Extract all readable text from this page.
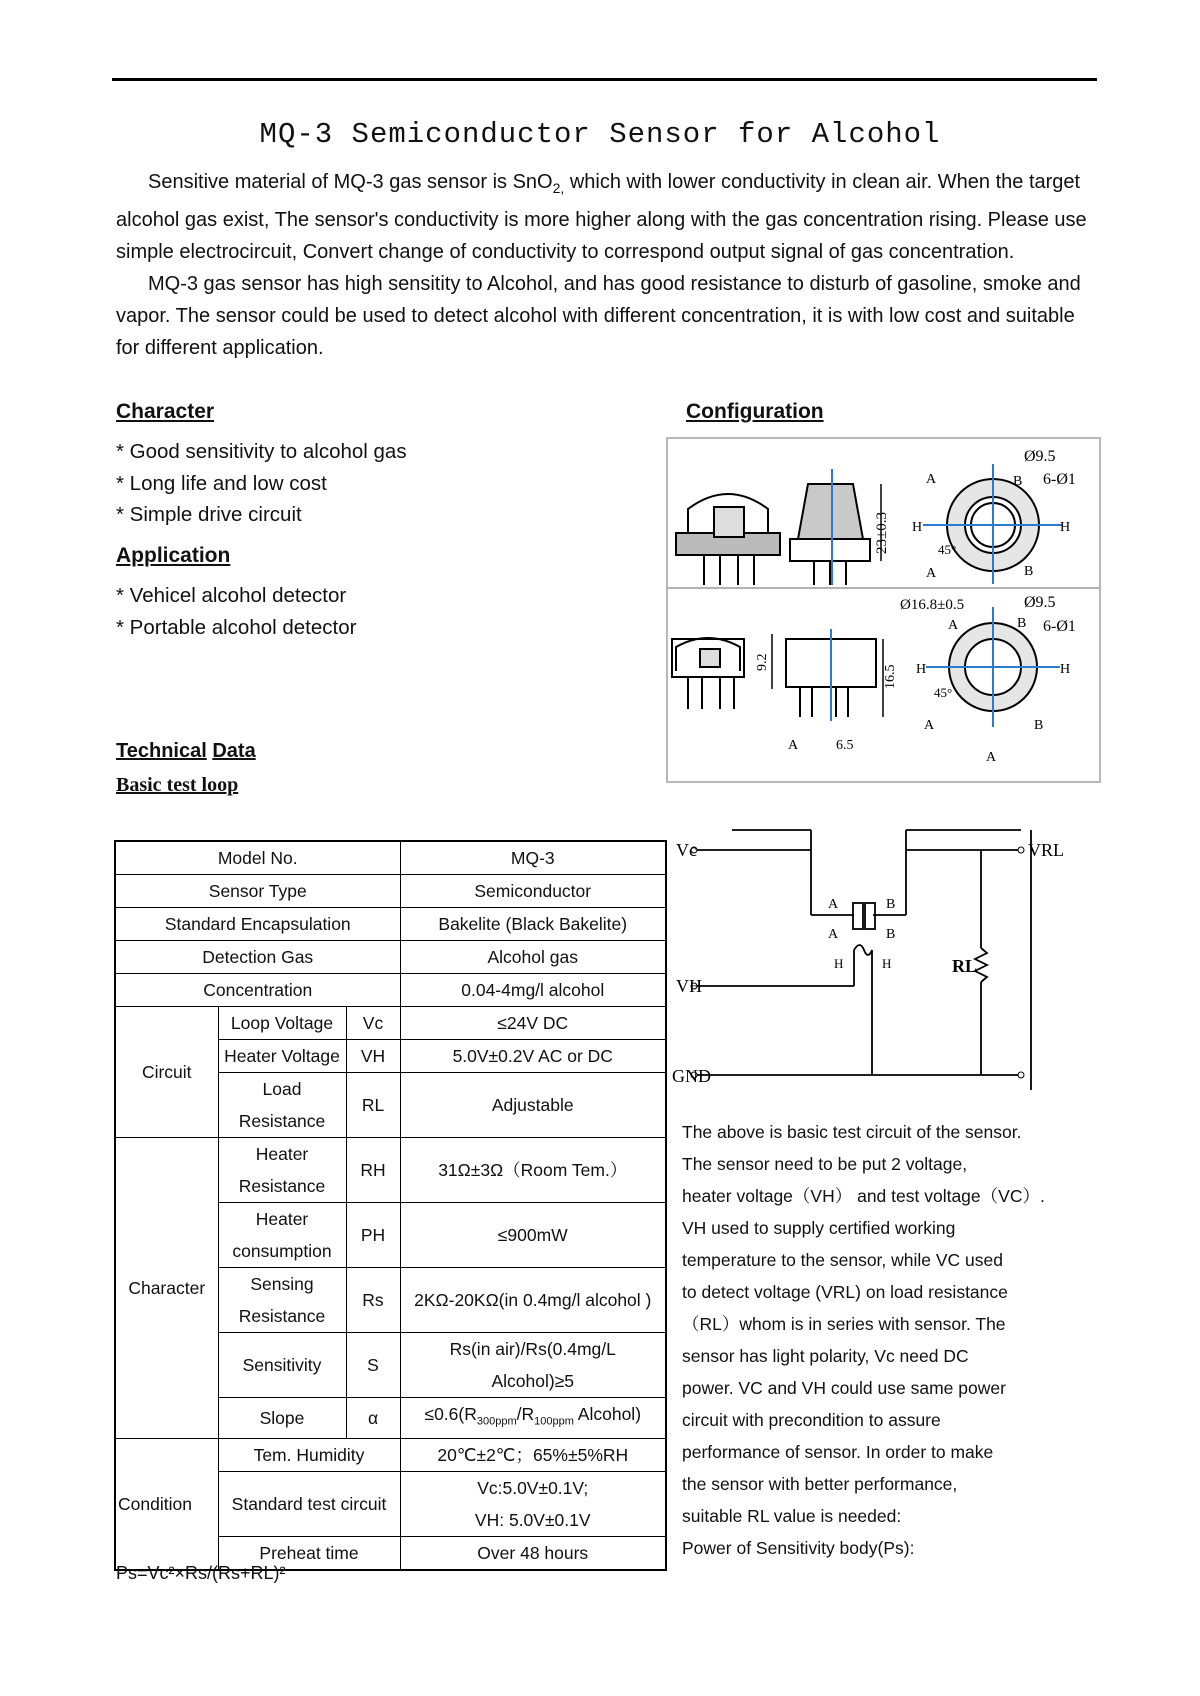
MQ-3 Semiconductor Sensor for Alcohol

Sensitive material of MQ-3 gas sensor is SnO$_{2,}$ which with lower conductivity in clean air. When the target alcohol gas exist, The sensor's conductivity is more higher along with the gas concentration rising. Please use simple electrocircuit, Convert change of conductivity to correspond output signal of gas concentration.

MQ-3 gas sensor has high sensitity to Alcohol, and has good resistance to disturb of gasoline, smoke and vapor. The sensor could be used to detect alcohol with different concentration, it is with low cost and suitable for different application.

Character
* Good sensitivity to alcohol gas
* Long life and low cost
* Simple drive circuit
Application
* Vehicel alcohol detector
* Portable alcohol detector
Configuration
23±0.3
Ø9.5
6-Ø1
A	B
H	H
45°
A	B
9.2
16.5
A	6.5
Ø16.8±0.5	Ø9.5
6-Ø1
A	B
H	H
45°
A	B
A
Technical Data
Basic test loop
Model No.			MQ-3
Sensor Type			Semiconductor
Standard Encapsulation			Bakelite (Black Bakelite)
Detection Gas			Alcohol gas
Concentration			0.04-4mg/l alcohol
Circuit	Loop Voltage	Vc	≤24V DC
	Heater Voltage	VH	5.0V±0.2V AC or DC
	Load
Resistance	RL	Adjustable
Character	Heater
Resistance	RH	31Ω±3Ω（Room Tem.）
	Heater
consumption	PH	≤900mW
	Sensing
Resistance	Rs	2KΩ-20KΩ(in 0.4mg/l alcohol )
	Sensitivity	S	Rs(in air)/Rs(0.4mg/L
Alcohol)≥5
	Slope	α	$\le 0.6(R_{300ppm}/R_{100ppm}$ Alcohol)
Condition	Tem. Humidity		20℃±2℃；65%±5%RH
	Standard test circuit		Vc:5.0V±0.1V;
VH: 5.0V±0.1V
	Preheat time		Over 48 hours
Ps=Vc²×Rs/(Rs+RL)²
Vc	VRL
VH
GND
RL
A	B
A	B
H	H
The above is basic test circuit of the sensor.
The sensor need to be put 2 voltage,
heater voltage（VH） and test voltage（VC）.
VH used to supply certified working
temperature to the sensor, while VC used
to detect voltage (VRL) on load resistance
（RL）whom is in series with sensor. The
sensor has light polarity, Vc need DC
power. VC and VH could use same power
circuit with precondition to assure
performance of sensor. In order to make
the sensor with better performance,
suitable RL value is needed:
Power of Sensitivity body(Ps):
